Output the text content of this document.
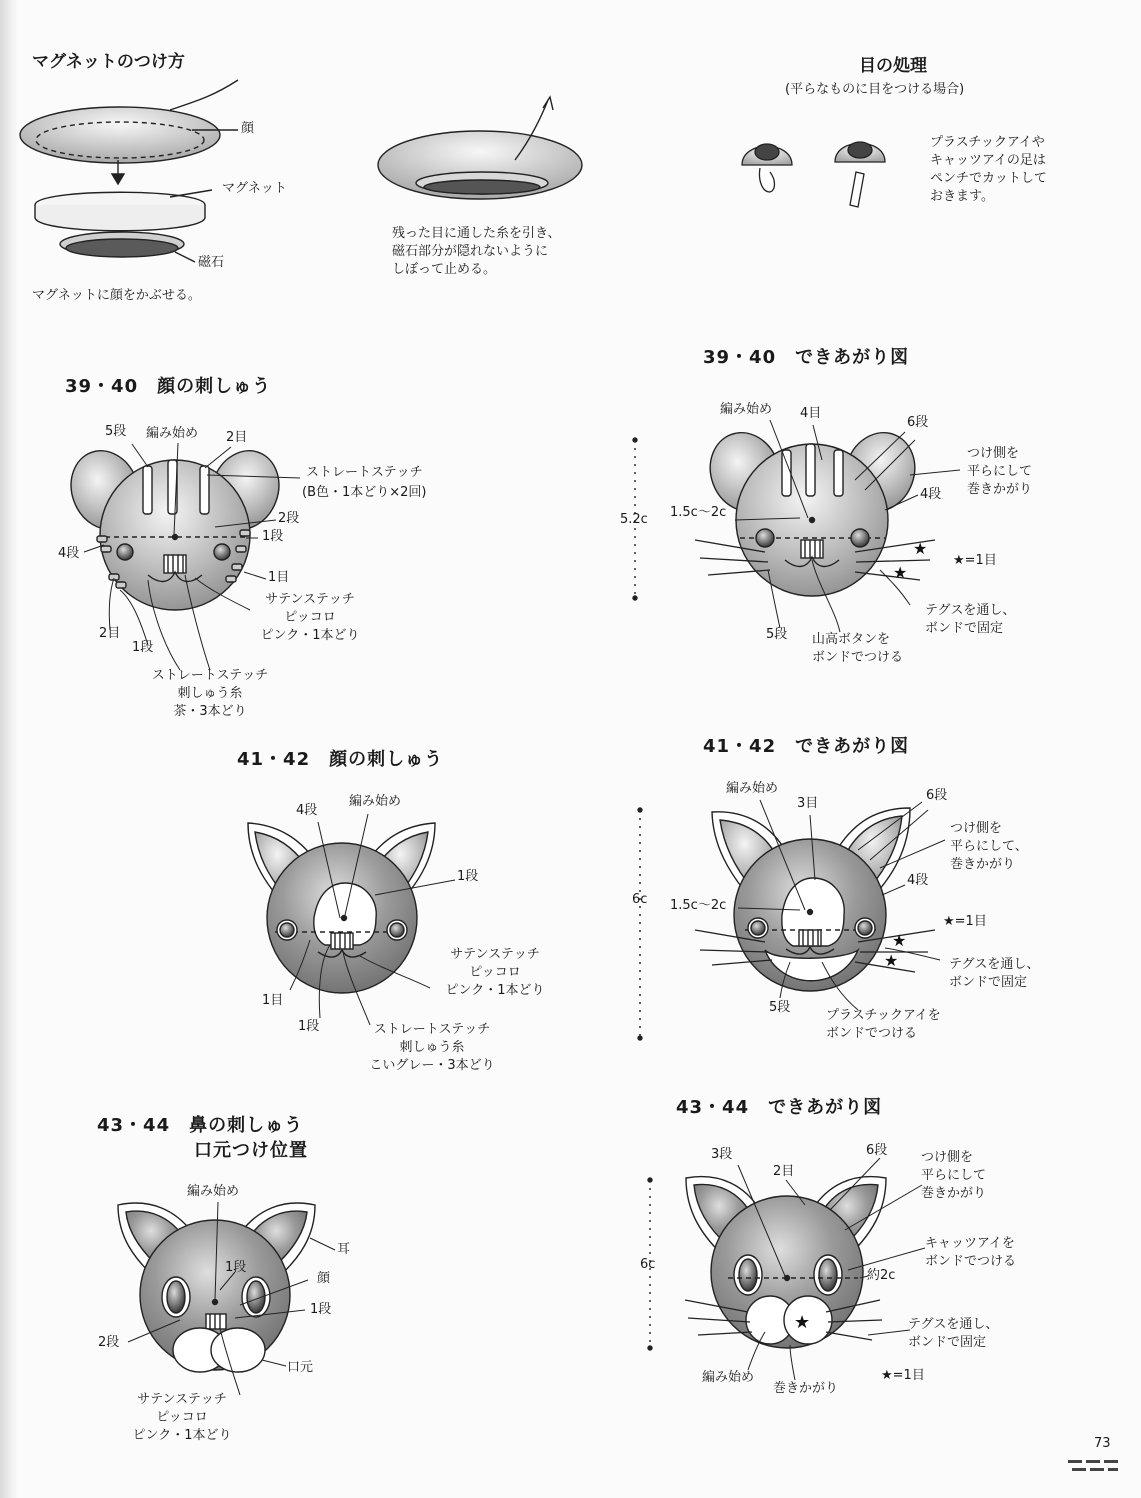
★
★
★
★
★
マグネットのつけ方
顔
マグネット
磁石
マグネットに顔をかぶせる。
残った目に通した糸を引き、
磁石部分が隠れないように
しぼって止める。
目の処理
(平らなものに目をつける場合)
プラスチックアイや
キャッツアイの足は
ペンチでカットして
おきます。
39・40　顔の刺しゅう
5段 編み始め 2目
ストレートステッチ
(B色・1本どり×2回)
2段
1段
4段
1目
サテンステッチ
ピッコロ
ピンク・1本どり
2目
1段
ストレートステッチ
刺しゅう糸
茶・3本どり
39・40　できあがり図
編み始め 4目
6段
つけ側を
平らにして
巻きかがり
4段
1.5c〜2c
5.2c
★=1目
テグスを通し、
ボンドで固定
5段 山高ボタンを
ボンドでつける
41・42　顔の刺しゅう
4段
編み始め
1段
サテンステッチ
ピッコロ
ピンク・1本どり
1目
1段	ストレートステッチ
刺しゅう糸
こいグレー・3本どり
41・42　できあがり図
編み始め
3目
6段
つけ側を
平らにして、
巻きかがり
4段
1.5c〜2c
6c
★=1目
テグスを通し、
ボンドで固定
5段
プラスチックアイを
ボンドでつける
43・44　鼻の刺しゅう
口元つけ位置
編み始め
耳
1段
顔
1段
2段
口元
サテンステッチ
ピッコロ
ピンク・1本どり
43・44　できあがり図
3段
2目
6段	つけ側を
平らにして
巻きかがり
キャッツアイを
ボンドでつける
約2c
6c
テグスを通し、
ボンドで固定
編み始め
巻きかがり
★=1目
73
